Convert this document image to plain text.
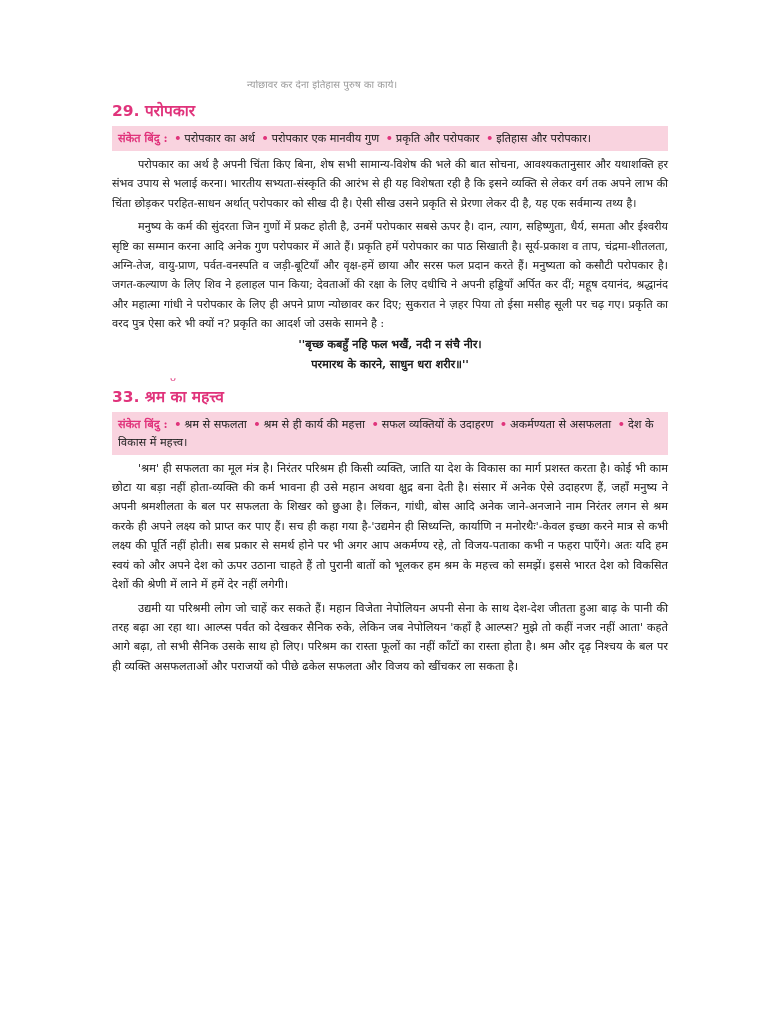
न्योछावर कर देना इतिहास पुरुष का कार्य।
29. परोपकार
संकेत बिंदु : • परोपकार का अर्थ • परोपकार एक मानवीय गुण • प्रकृति और परोपकार • इतिहास और परोपकार।

परोपकार का अर्थ है अपनी चिंता किए बिना, शेष सभी सामान्य-विशेष की भले की बात सोचना, आवश्यकतानुसार और यथाशक्ति हर संभव उपाय से भलाई करना। भारतीय सभ्यता-संस्कृति की आरंभ से ही यह विशेषता रही है कि इसने व्यक्ति से लेकर वर्ग तक अपने लाभ की चिंता छोड़कर परहित-साधन अर्थात् परोपकार को सीख दी है। ऐसी सीख उसने प्रकृति से प्रेरणा लेकर दी है, यह एक सर्वमान्य तथ्य है।

मनुष्य के कर्म की सुंदरता जिन गुणों में प्रकट होती है, उनमें परोपकार सबसे ऊपर है। दान, त्याग, सहिष्णुता, धैर्य, समता और ईश्वरीय सृष्टि का सम्मान करना आदि अनेक गुण परोपकार में आते हैं। प्रकृति हमें परोपकार का पाठ सिखाती है। सूर्य-प्रकाश व ताप, चंद्रमा-शीतलता, अग्नि-तेज, वायु-प्राण, पर्वत-वनस्पति व जड़ी-बूटियाँ और वृक्ष-हमें छाया और सरस फल प्रदान करते हैं। मनुष्यता को कसौटी परोपकार है। जगत-कल्याण के लिए शिव ने हलाहल पान किया; देवताओं की रक्षा के लिए दधीचि ने अपनी हड्डियाँ अर्पित कर दीं; महूष दयानंद, श्रद्धानंद और महात्मा गांधी ने परोपकार के लिए ही अपने प्राण न्योछावर कर दिए; सुकरात ने ज़हर पिया तो ईसा मसीह सूली पर चढ़ गए। प्रकृति का वरद पुत्र ऐसा करे भी क्यों न? प्रकृति का आदर्श जो उसके सामने है :

''बृच्छ कबहुँ नहि फल भखैं, नदी न संचै नीर।
परमारथ के कारने, साधुन धरा शरीर॥''
ᴗ
33. श्रम का महत्त्व
संकेत बिंदु : • श्रम से सफलता • श्रम से ही कार्य की महत्ता • सफल व्यक्तियों के उदाहरण • अकर्मण्यता से असफलता • देश के विकास में महत्त्व।

'श्रम' ही सफलता का मूल मंत्र है। निरंतर परिश्रम ही किसी व्यक्ति, जाति या देश के विकास का मार्ग प्रशस्त करता है। कोई भी काम छोटा या बड़ा नहीं होता-व्यक्ति की कर्म भावना ही उसे महान अथवा क्षुद्र बना देती है। संसार में अनेक ऐसे उदाहरण हैं, जहाँ मनुष्य ने अपनी श्रमशीलता के बल पर सफलता के शिखर को छुआ है। लिंकन, गांधी, बोस आदि अनेक जाने-अनजाने नाम निरंतर लगन से श्रम करके ही अपने लक्ष्य को प्राप्त कर पाए हैं। सच ही कहा गया है-'उद्यमेन ही सिध्यन्ति, कार्याणि न मनोरथैः'-केवल इच्छा करने मात्र से कभी लक्ष्य की पूर्ति नहीं होती। सब प्रकार से समर्थ होने पर भी अगर आप अकर्मण्य रहे, तो विजय-पताका कभी न फहरा पाएँगे। अतः यदि हम स्वयं को और अपने देश को ऊपर उठाना चाहते हैं तो पुरानी बातों को भूलकर हम श्रम के महत्त्व को समझें। इससे भारत देश को विकसित देशों की श्रेणी में लाने में हमें देर नहीं लगेगी।

उद्यमी या परिश्रमी लोग जो चाहें कर सकते हैं। महान विजेता नेपोलियन अपनी सेना के साथ देश-देश जीतता हुआ बाढ़ के पानी की तरह बढ़ा आ रहा था। आल्प्स पर्वत को देखकर सैनिक रुके, लेकिन जब नेपोलियन 'कहाँ है आल्प्स? मुझे तो कहीं नजर नहीं आता' कहते आगे बढ़ा, तो सभी सैनिक उसके साथ हो लिए। परिश्रम का रास्ता फूलों का नहीं काँटों का रास्ता होता है। श्रम और दृढ़ निश्चय के बल पर ही व्यक्ति असफलताओं और पराजयों को पीछे ढकेल सफलता और विजय को खींचकर ला सकता है।
